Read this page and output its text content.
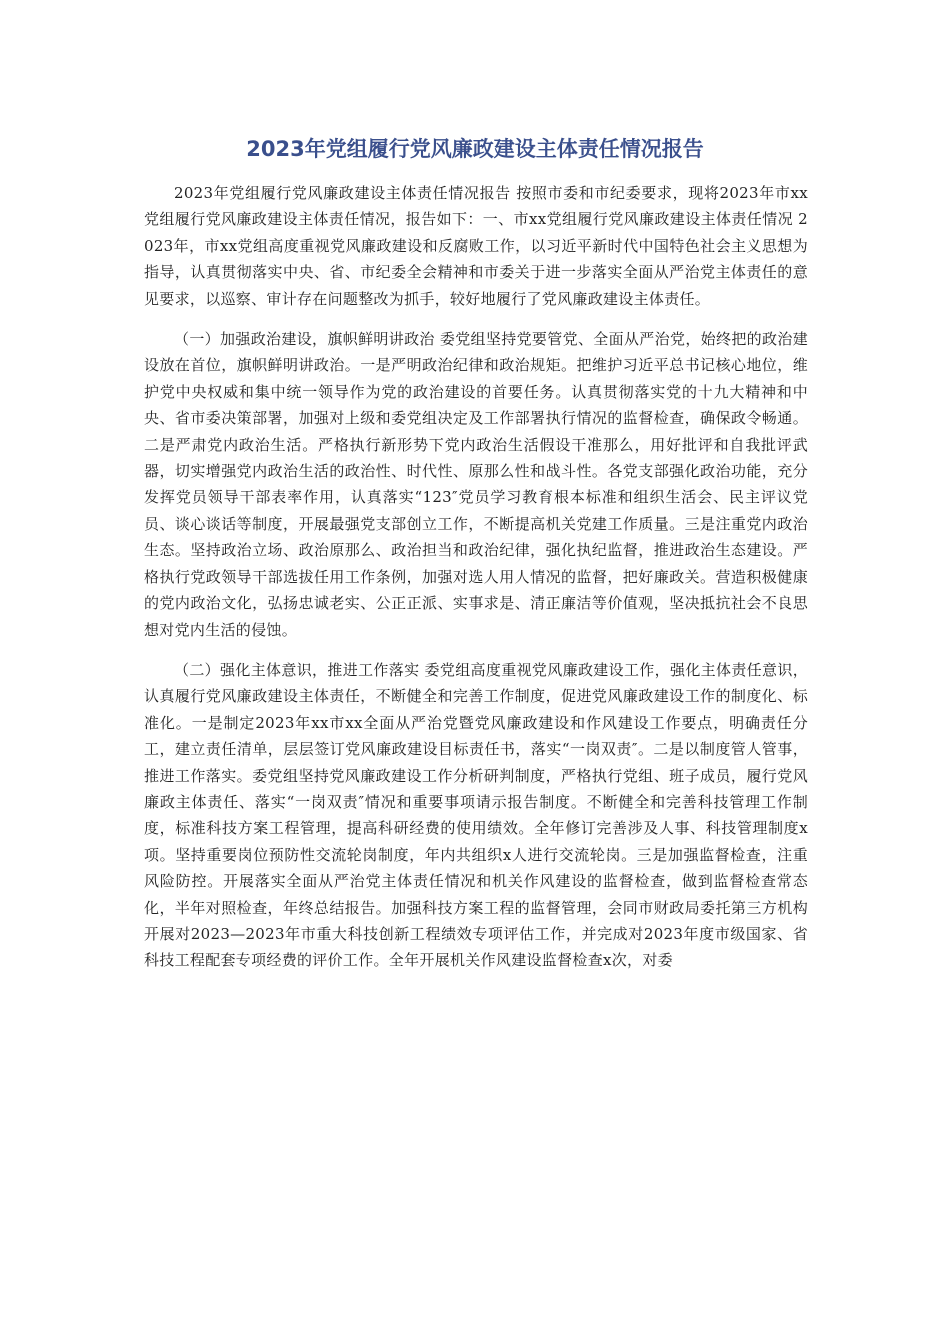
2023年党组履行党风廉政建设主体责任情况报告

2023年党组履行党风廉政建设主体责任情况报告 按照市委和市纪委要求，现将2023年市xx党组履行党风廉政建设主体责任情况，报告如下：一、市xx党组履行党风廉政建设主体责任情况 2023年，市xx党组高度重视党风廉政建设和反腐败工作，以习近平新时代中国特色社会主义思想为指导，认真贯彻落实中央、省、市纪委全会精神和市委关于进一步落实全面从严治党主体责任的意见要求，以巡察、审计存在问题整改为抓手，较好地履行了党风廉政建设主体责任。

（一）加强政治建设，旗帜鲜明讲政治 委党组坚持党要管党、全面从严治党，始终把的政治建设放在首位，旗帜鲜明讲政治。一是严明政治纪律和政治规矩。把维护习近平总书记核心地位，维护党中央权威和集中统一领导作为党的政治建设的首要任务。认真贯彻落实党的十九大精神和中央、省市委决策部署，加强对上级和委党组决定及工作部署执行情况的监督检查，确保政令畅通。二是严肃党内政治生活。严格执行新形势下党内政治生活假设干准那么，用好批评和自我批评武器，切实增强党内政治生活的政治性、时代性、原那么性和战斗性。各党支部强化政治功能，充分发挥党员领导干部表率作用，认真落实“123″党员学习教育根本标准和组织生活会、民主评议党员、谈心谈话等制度，开展最强党支部创立工作，不断提高机关党建工作质量。三是注重党内政治生态。坚持政治立场、政治原那么、政治担当和政治纪律，强化执纪监督，推进政治生态建设。严格执行党政领导干部选拔任用工作条例，加强对选人用人情况的监督，把好廉政关。营造积极健康的党内政治文化，弘扬忠诚老实、公正正派、实事求是、清正廉洁等价值观，坚决抵抗社会不良思想对党内生活的侵蚀。

（二）强化主体意识，推进工作落实 委党组高度重视党风廉政建设工作，强化主体责任意识，认真履行党风廉政建设主体责任，不断健全和完善工作制度，促进党风廉政建设工作的制度化、标准化。一是制定2023年xx市xx全面从严治党暨党风廉政建设和作风建设工作要点，明确责任分工，建立责任清单，层层签订党风廉政建设目标责任书，落实“一岗双责″。二是以制度管人管事，推进工作落实。委党组坚持党风廉政建设工作分析研判制度，严格执行党组、班子成员，履行党风廉政主体责任、落实“一岗双责″情况和重要事项请示报告制度。不断健全和完善科技管理工作制度，标准科技方案工程管理，提高科研经费的使用绩效。全年修订完善涉及人事、科技管理制度x项。坚持重要岗位预防性交流轮岗制度，年内共组织x人进行交流轮岗。三是加强监督检查，注重风险防控。开展落实全面从严治党主体责任情况和机关作风建设的监督检查，做到监督检查常态化，半年对照检查，年终总结报告。加强科技方案工程的监督管理，会同市财政局委托第三方机构开展对2023—2023年市重大科技创新工程绩效专项评估工作，并完成对2023年度市级国家、省科技工程配套专项经费的评价工作。全年开展机关作风建设监督检查x次，对委
